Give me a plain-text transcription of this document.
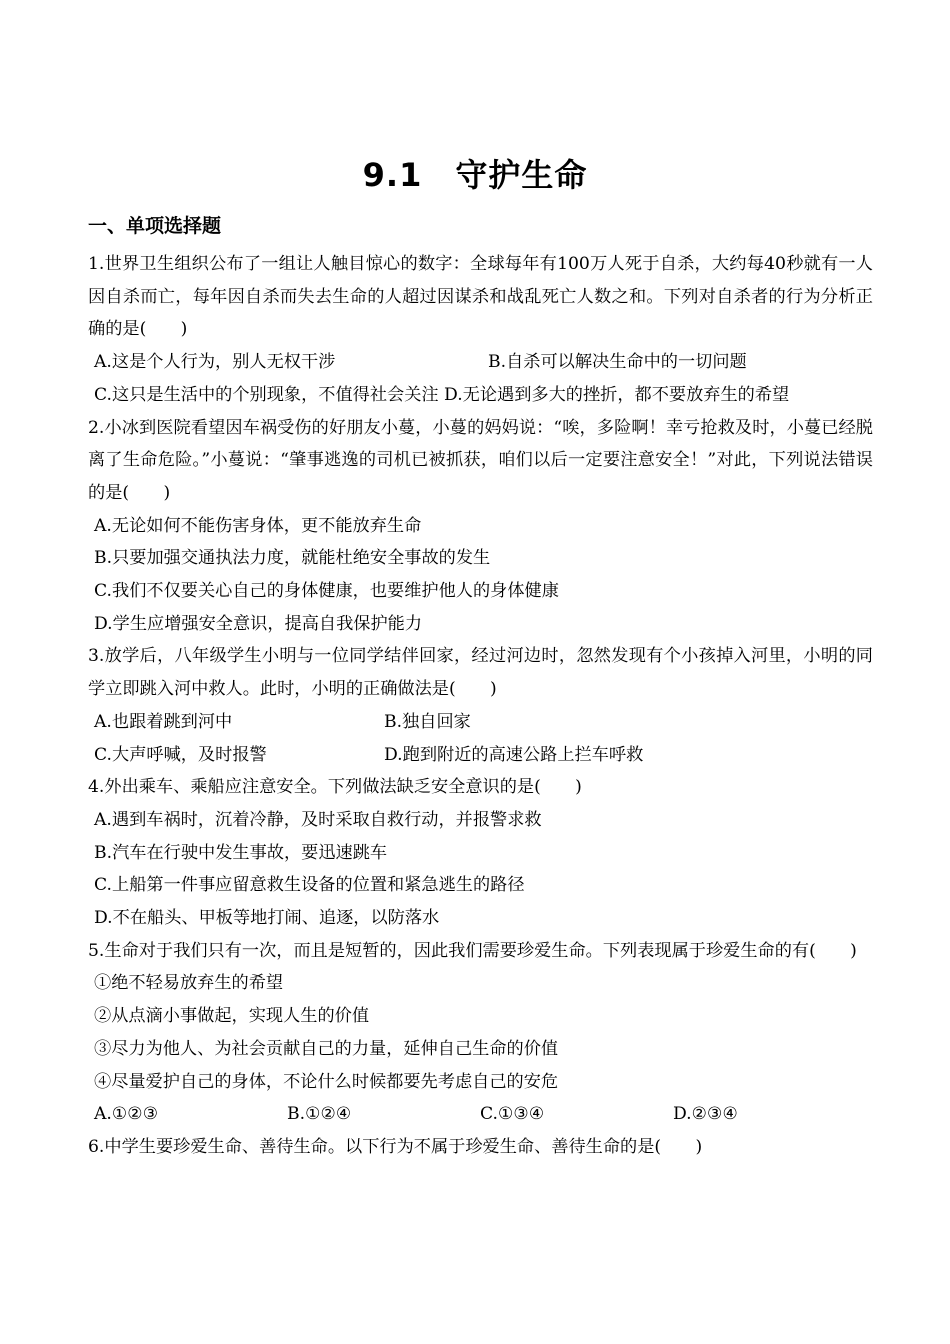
9.1　守护生命
一、单项选择题

1.世界卫生组织公布了一组让人触目惊心的数字：全球每年有100万人死于自杀，大约每40秒就有一人因自杀而亡，每年因自杀而失去生命的人超过因谋杀和战乱死亡人数之和。下列对自杀者的行为分析正确的是(　　)

A.这是个人行为，别人无权干涉	B.自杀可以解决生命中的一切问题

C.这只是生活中的个别现象，不值得社会关注 D.无论遇到多大的挫折，都不要放弃生的希望

2.小冰到医院看望因车祸受伤的好朋友小蔓，小蔓的妈妈说：“唉，多险啊！幸亏抢救及时，小蔓已经脱离了生命危险。”小蔓说：“肇事逃逸的司机已被抓获，咱们以后一定要注意安全！”对此，下列说法错误的是(　　)

A.无论如何不能伤害身体，更不能放弃生命

B.只要加强交通执法力度，就能杜绝安全事故的发生

C.我们不仅要关心自己的身体健康，也要维护他人的身体健康

D.学生应增强安全意识，提高自我保护能力

3.放学后，八年级学生小明与一位同学结伴回家，经过河边时，忽然发现有个小孩掉入河里，小明的同学立即跳入河中救人。此时，小明的正确做法是(　　)

A.也跟着跳到河中	B.独自回家
C.大声呼喊，及时报警	D.跑到附近的高速公路上拦车呼救

4.外出乘车、乘船应注意安全。下列做法缺乏安全意识的是(　　)

A.遇到车祸时，沉着冷静，及时采取自救行动，并报警求救

B.汽车在行驶中发生事故，要迅速跳车

C.上船第一件事应留意救生设备的位置和紧急逃生的路径

D.不在船头、甲板等地打闹、追逐，以防落水

5.生命对于我们只有一次，而且是短暂的，因此我们需要珍爱生命。下列表现属于珍爱生命的有(　　)

①绝不轻易放弃生的希望

②从点滴小事做起，实现人生的价值

③尽力为他人、为社会贡献自己的力量，延伸自己生命的价值

④尽量爱护自己的身体，不论什么时候都要先考虑自己的安危

A.①②③	B.①②④	C.①③④	D.②③④

6.中学生要珍爱生命、善待生命。以下行为不属于珍爱生命、善待生命的是(　　)
